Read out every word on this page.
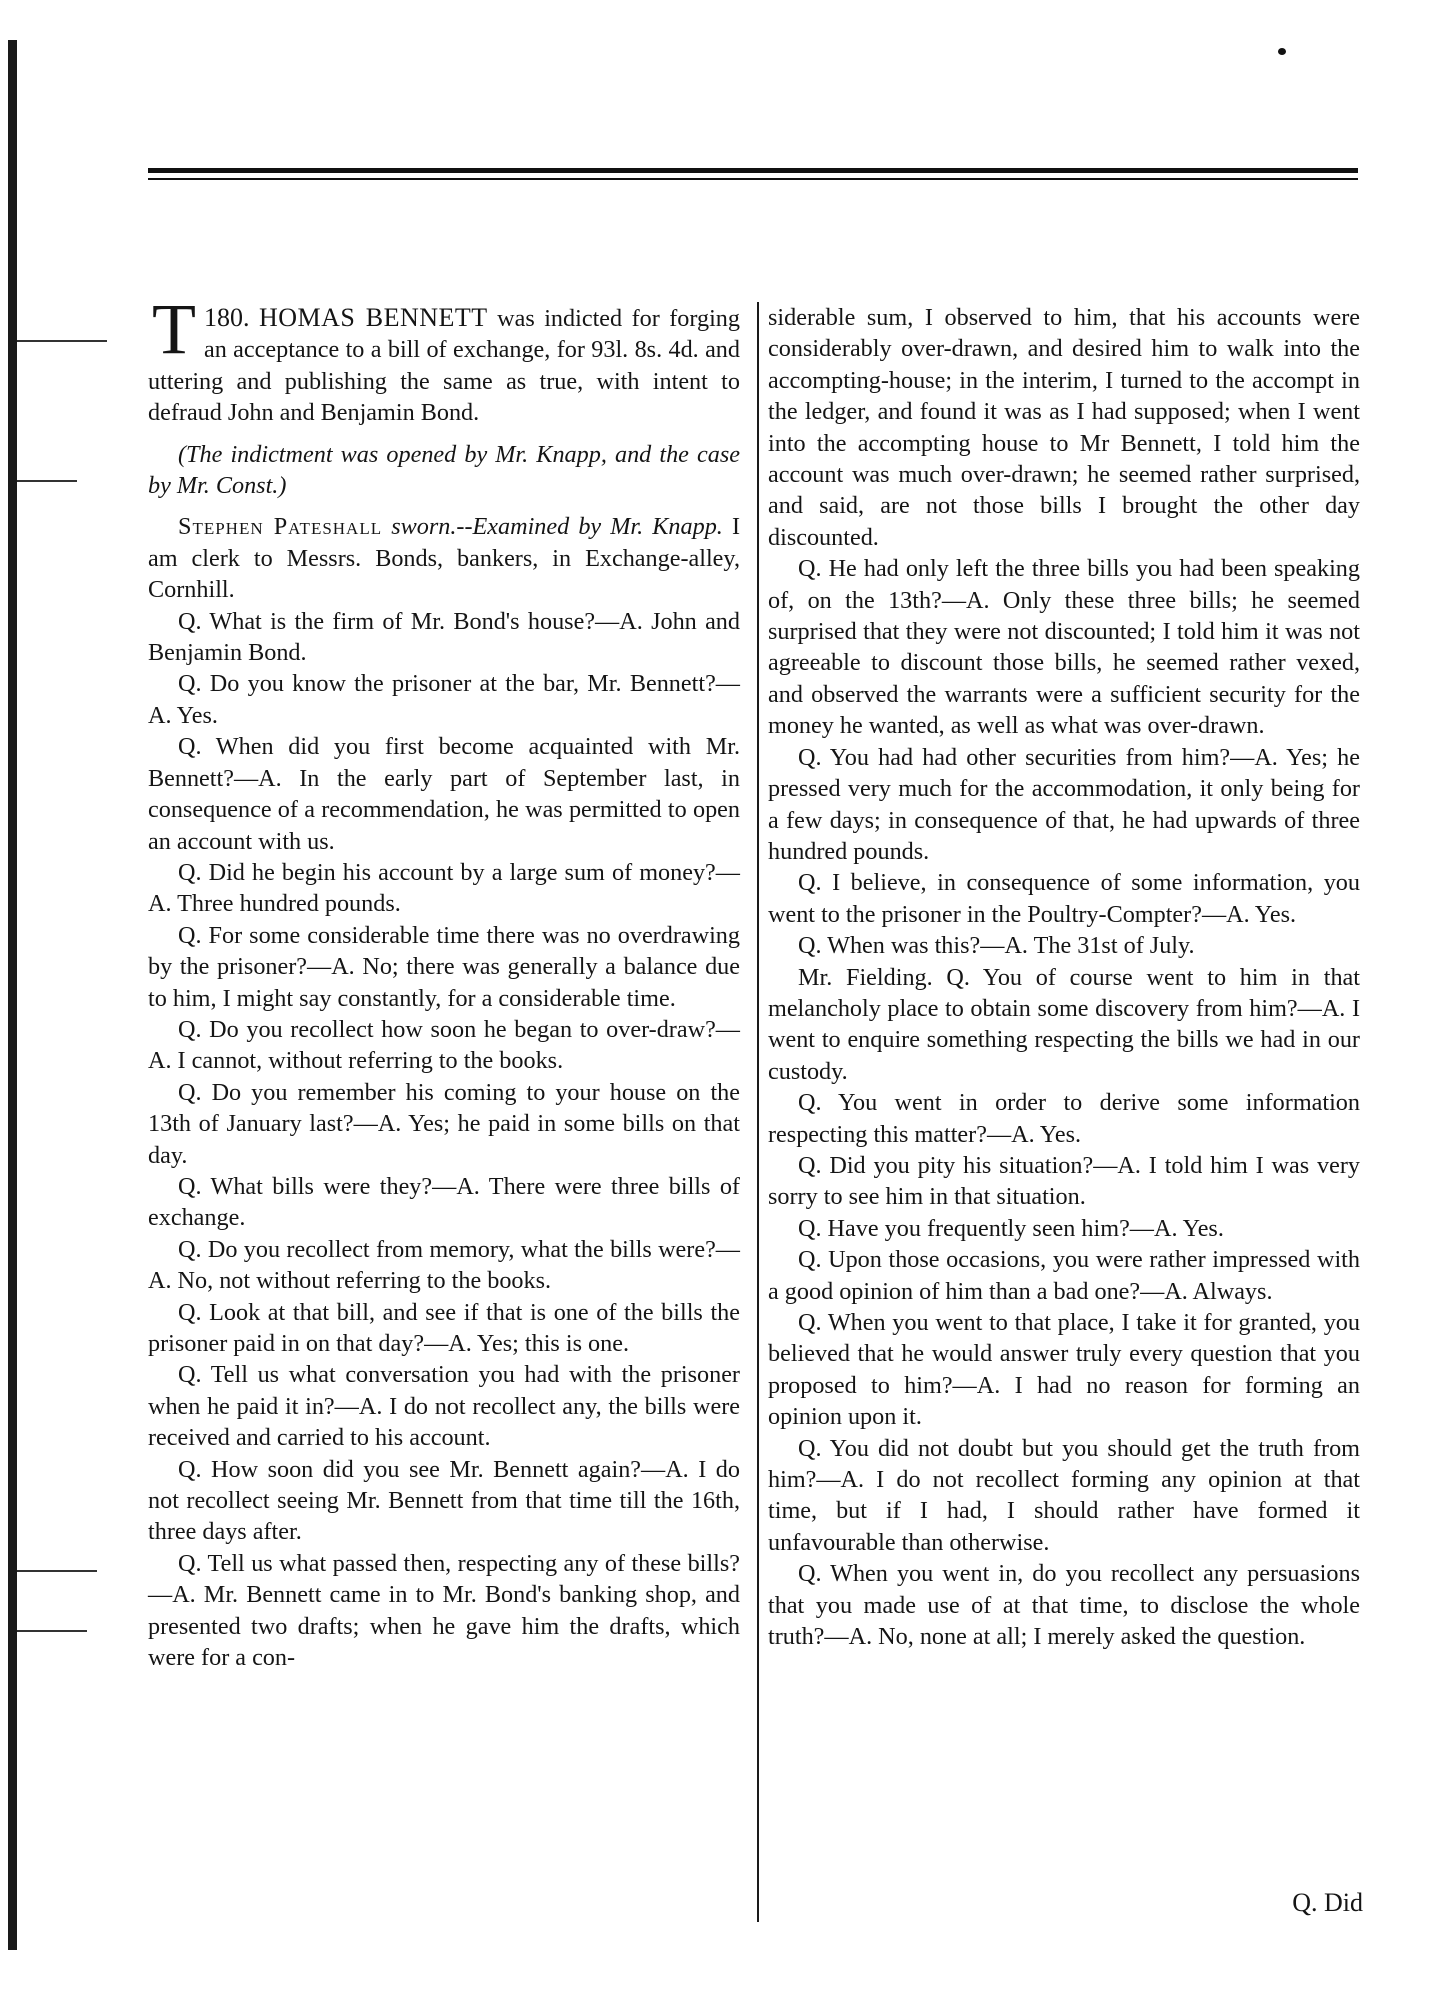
180.
T HOMAS BENNETT was indicted for forging an acceptance to a bill of exchange, for 93l. 8s. 4d. and uttering and publishing the same as true, with intent to defraud John and Benjamin Bond.

(The indictment was opened by Mr. Knapp, and the case by Mr. Const.)

Stephen Pateshall sworn.--Examined by Mr. Knapp. I am clerk to Messrs. Bonds, bankers, in Exchange-alley, Cornhill.

Q. What is the firm of Mr. Bond's house?—A. John and Benjamin Bond.

Q. Do you know the prisoner at the bar, Mr. Bennett?—A. Yes.

Q. When did you first become acquainted with Mr. Bennett?—A. In the early part of September last, in consequence of a recommendation, he was permitted to open an account with us.

Q. Did he begin his account by a large sum of money?—A. Three hundred pounds.

Q. For some considerable time there was no overdrawing by the prisoner?—A. No; there was generally a balance due to him, I might say constantly, for a considerable time.

Q. Do you recollect how soon he began to over-draw?—A. I cannot, without referring to the books.

Q. Do you remember his coming to your house on the 13th of January last?—A. Yes; he paid in some bills on that day.

Q. What bills were they?—A. There were three bills of exchange.

Q. Do you recollect from memory, what the bills were?—A. No, not without referring to the books.

Q. Look at that bill, and see if that is one of the bills the prisoner paid in on that day?—A. Yes; this is one.

Q. Tell us what conversation you had with the prisoner when he paid it in?—A. I do not recollect any, the bills were received and carried to his account.

Q. How soon did you see Mr. Bennett again?—A. I do not recollect seeing Mr. Bennett from that time till the 16th, three days after.

Q. Tell us what passed then, respecting any of these bills?—A. Mr. Bennett came in to Mr. Bond's banking shop, and presented two drafts; when he gave him the drafts, which were for a con-

siderable sum, I observed to him, that his accounts were considerably over-drawn, and desired him to walk into the accompting-house; in the interim, I turned to the accompt in the ledger, and found it was as I had supposed; when I went into the accompting house to Mr Bennett, I told him the account was much over-drawn; he seemed rather surprised, and said, are not those bills I brought the other day discounted.

Q. He had only left the three bills you had been speaking of, on the 13th?—A. Only these three bills; he seemed surprised that they were not discounted; I told him it was not agreeable to discount those bills, he seemed rather vexed, and observed the warrants were a sufficient security for the money he wanted, as well as what was over-drawn.

Q. You had had other securities from him?—A. Yes; he pressed very much for the accommodation, it only being for a few days; in consequence of that, he had upwards of three hundred pounds.

Q. I believe, in consequence of some information, you went to the prisoner in the Poultry-Compter?—A. Yes.

Q. When was this?—A. The 31st of July.

Mr. Fielding. Q. You of course went to him in that melancholy place to obtain some discovery from him?—A. I went to enquire something respecting the bills we had in our custody.

Q. You went in order to derive some information respecting this matter?—A. Yes.

Q. Did you pity his situation?—A. I told him I was very sorry to see him in that situation.

Q. Have you frequently seen him?—A. Yes.

Q. Upon those occasions, you were rather impressed with a good opinion of him than a bad one?—A. Always.

Q. When you went to that place, I take it for granted, you believed that he would answer truly every question that you proposed to him?—A. I had no reason for forming an opinion upon it.

Q. You did not doubt but you should get the truth from him?—A. I do not recollect forming any opinion at that time, but if I had, I should rather have formed it unfavourable than otherwise.

Q. When you went in, do you recollect any persuasions that you made use of at that time, to disclose the whole truth?—A. No, none at all; I merely asked the question.

Q. Did
